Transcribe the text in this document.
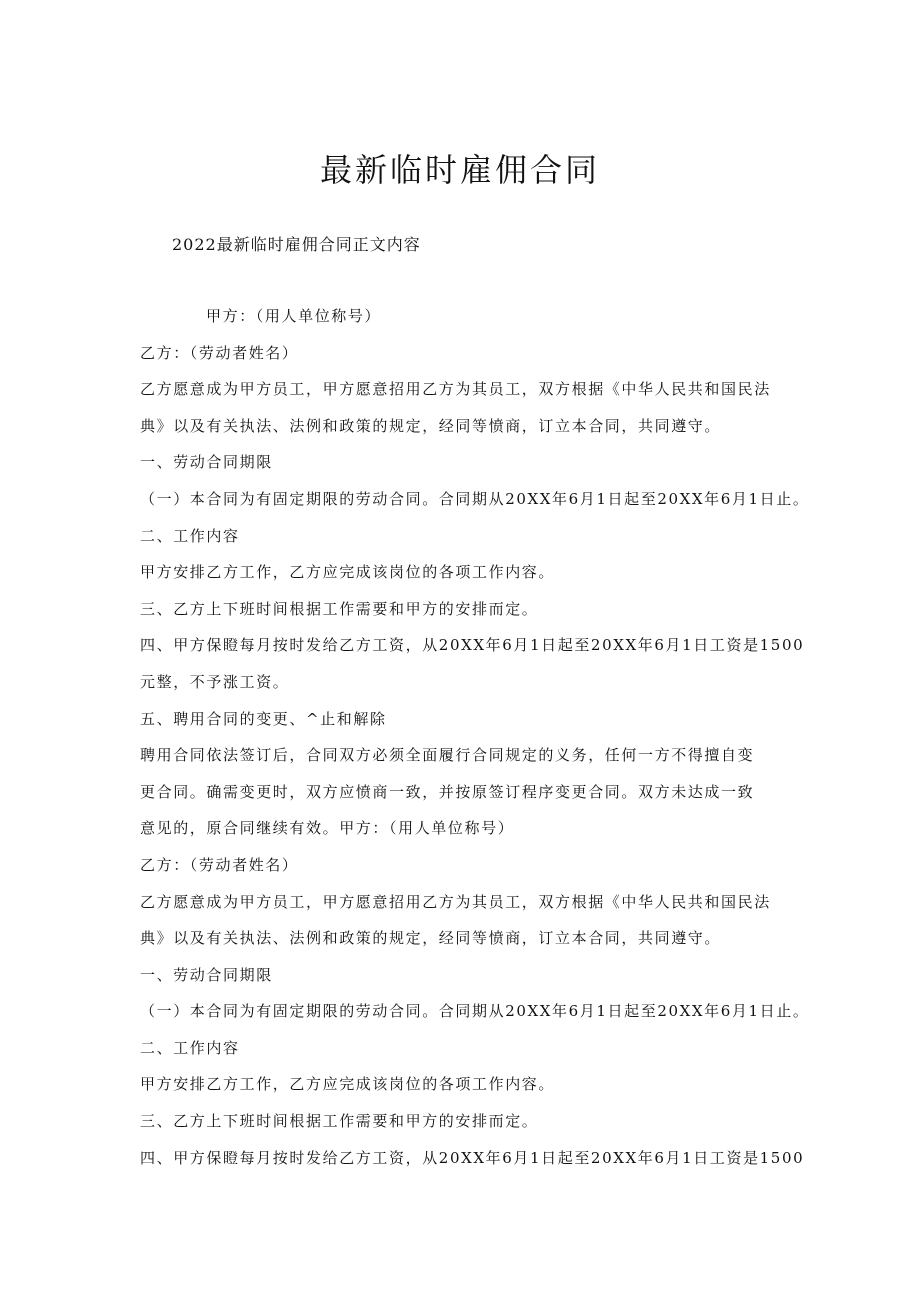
最新临时雇佣合同

2022最新临时雇佣合同正文内容

甲方：（用人单位称号）
乙方：（劳动者姓名）
乙方愿意成为甲方员工，甲方愿意招用乙方为其员工，双方根据《中华人民共和国民法
典》以及有关执法、法例和政策的规定，经同等愤商，订立本合同，共同遵守。
一、劳动合同期限
（一）本合同为有固定期限的劳动合同。合同期从20XX年6月1日起至20XX年6月1日止。
二、工作内容
甲方安排乙方工作，乙方应完成该岗位的各项工作内容。
三、乙方上下班时间根据工作需要和甲方的安排而定。
四、甲方保瞪每月按时发给乙方工资，从20XX年6月1日起至20XX年6月1日工资是1500
元整，不予涨工资。
五、聘用合同的变更、^止和解除
聘用合同依法签订后，合同双方必须全面履行合同规定的义务，任何一方不得擅自变
更合同。确需变更时，双方应愤商一致，并按原签订程序变更合同。双方未达成一致
意见的，原合同继续有效。甲方：（用人单位称号）
乙方：（劳动者姓名）
乙方愿意成为甲方员工，甲方愿意招用乙方为其员工，双方根据《中华人民共和国民法
典》以及有关执法、法例和政策的规定，经同等愤商，订立本合同，共同遵守。
一、劳动合同期限
（一）本合同为有固定期限的劳动合同。合同期从20XX年6月1日起至20XX年6月1日止。
二、工作内容
甲方安排乙方工作，乙方应完成该岗位的各项工作内容。
三、乙方上下班时间根据工作需要和甲方的安排而定。
四、甲方保瞪每月按时发给乙方工资，从20XX年6月1日起至20XX年6月1日工资是1500
